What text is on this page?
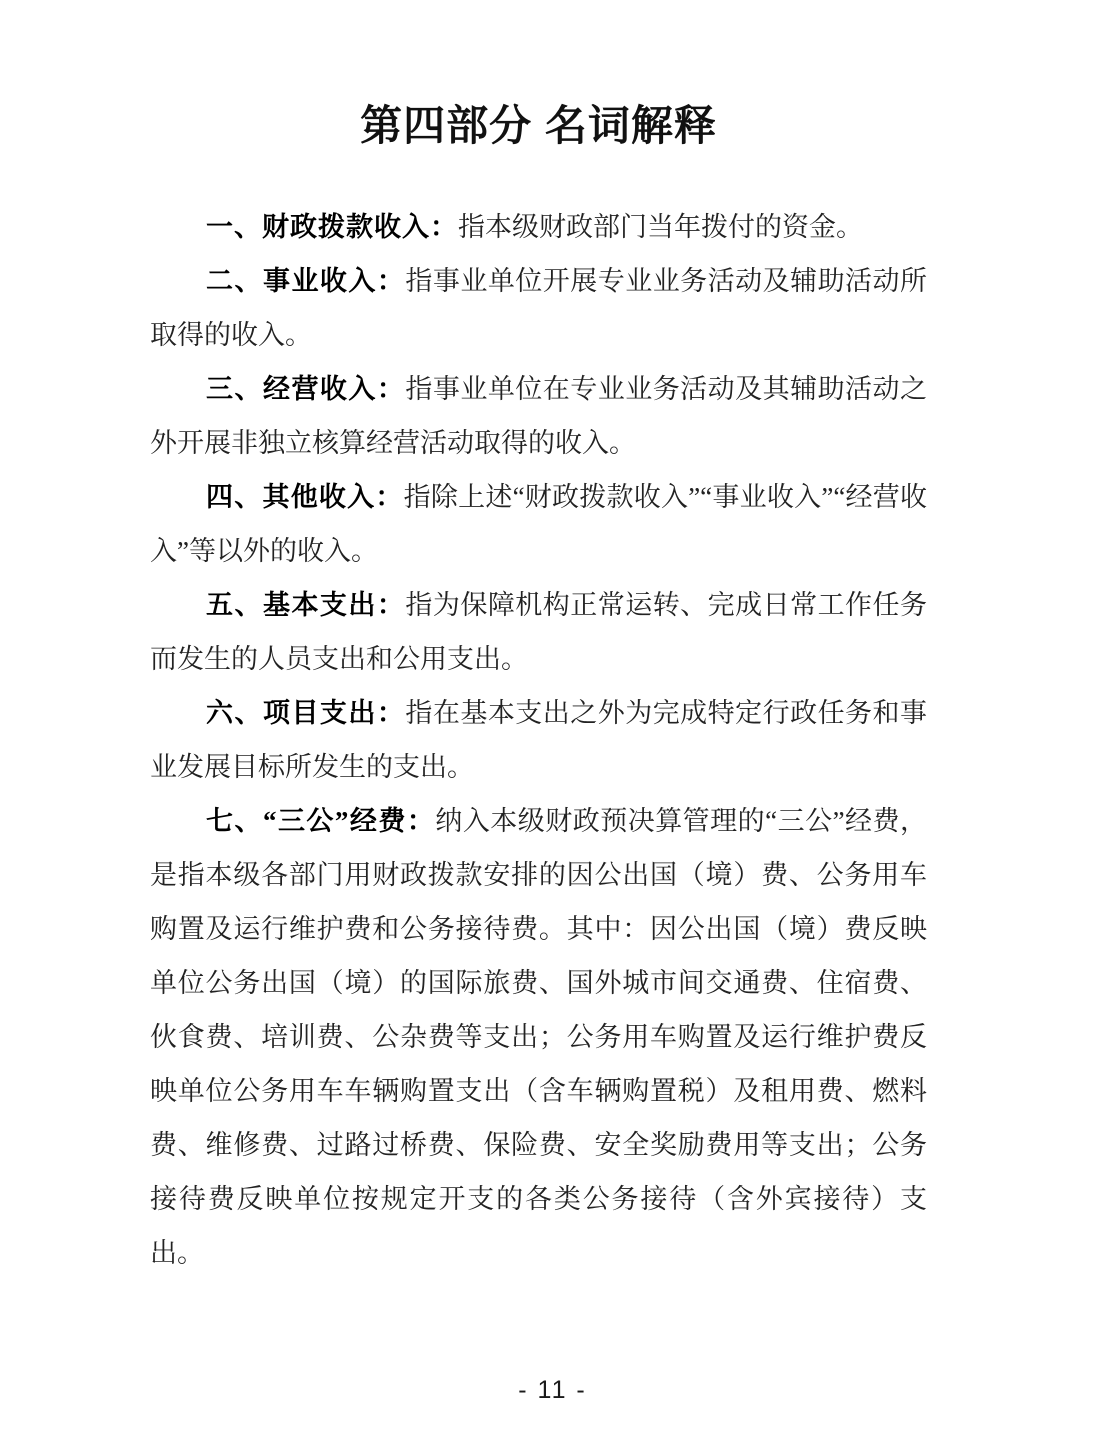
第四部分 名词解释

一、财政拨款收入：指本级财政部门当年拨付的资金。

二、事业收入：指事业单位开展专业业务活动及辅助活动所取得的收入。

三、经营收入：指事业单位在专业业务活动及其辅助活动之外开展非独立核算经营活动取得的收入。

四、其他收入：指除上述“财政拨款收入”“事业收入”“经营收入”等以外的收入。

五、基本支出：指为保障机构正常运转、完成日常工作任务而发生的人员支出和公用支出。

六、项目支出：指在基本支出之外为完成特定行政任务和事业发展目标所发生的支出。

七、“三公”经费：纳入本级财政预决算管理的“三公”经费，是指本级各部门用财政拨款安排的因公出国（境）费、公务用车购置及运行维护费和公务接待费。其中：因公出国（境）费反映单位公务出国（境）的国际旅费、国外城市间交通费、住宿费、伙食费、培训费、公杂费等支出；公务用车购置及运行维护费反映单位公务用车车辆购置支出（含车辆购置税）及租用费、燃料费、维修费、过路过桥费、保险费、安全奖励费用等支出；公务接待费反映单位按规定开支的各类公务接待（含外宾接待）支出。

- 11 -
